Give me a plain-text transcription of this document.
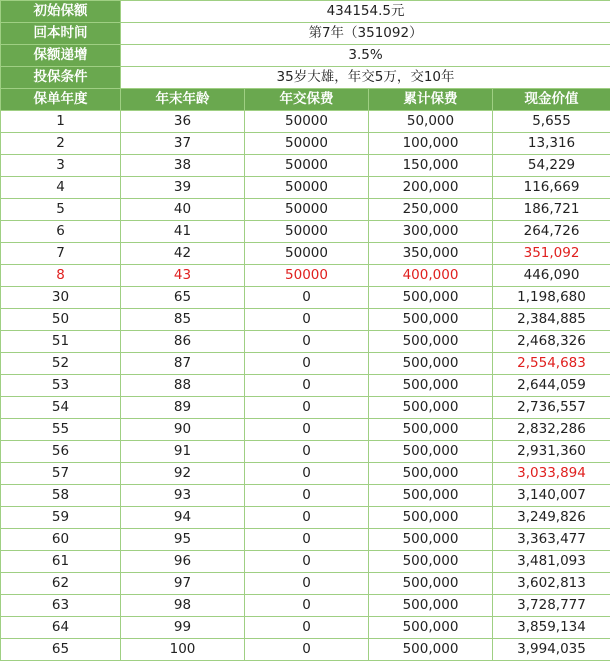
初始保额	434154.5元			
回本时间	第7年（351092）			
保额递增	3.5%			
投保条件	35岁大雄，年交5万，交10年			
保单年度	年末年龄	年交保费	累计保费	现金价值
1	36	50000	50,000	5,655
2	37	50000	100,000	13,316
3	38	50000	150,000	54,229
4	39	50000	200,000	116,669
5	40	50000	250,000	186,721
6	41	50000	300,000	264,726
7	42	50000	350,000	351,092
8	43	50000	400,000	446,090
30	65	0	500,000	1,198,680
50	85	0	500,000	2,384,885
51	86	0	500,000	2,468,326
52	87	0	500,000	2,554,683
53	88	0	500,000	2,644,059
54	89	0	500,000	2,736,557
55	90	0	500,000	2,832,286
56	91	0	500,000	2,931,360
57	92	0	500,000	3,033,894
58	93	0	500,000	3,140,007
59	94	0	500,000	3,249,826
60	95	0	500,000	3,363,477
61	96	0	500,000	3,481,093
62	97	0	500,000	3,602,813
63	98	0	500,000	3,728,777
64	99	0	500,000	3,859,134
65	100	0	500,000	3,994,035
